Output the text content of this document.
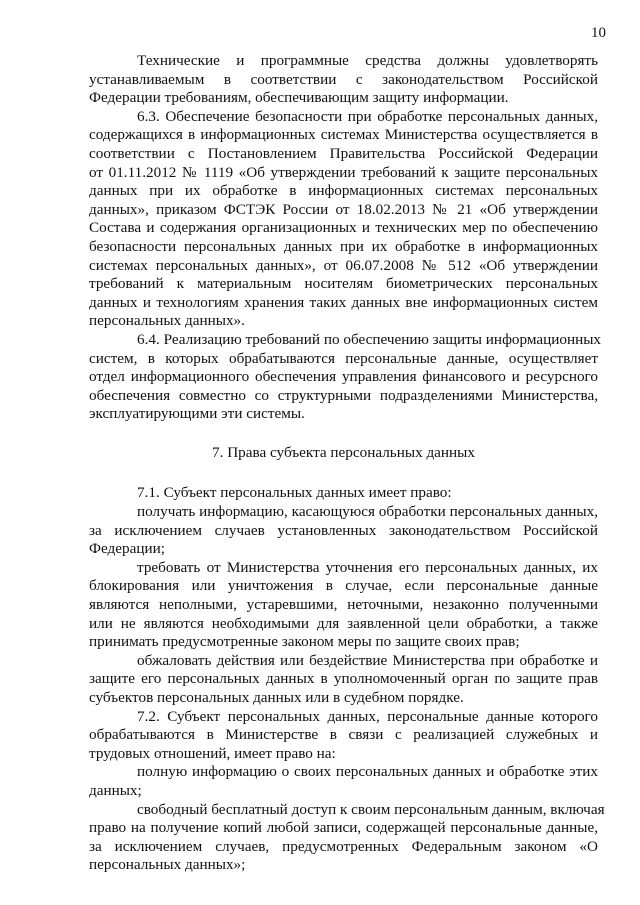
10

Технические и программные средства должны удовлетворять
устанавливаемым в соответствии с законодательством Российской
Федерации требованиям, обеспечивающим защиту информации.

6.3. Обеспечение безопасности при обработке персональных данных,
содержащихся в информационных системах Министерства осуществляется в
соответствии с Постановлением Правительства Российской Федерации
от 01.11.2012 № 1119 «Об утверждении требований к защите персональных
данных при их обработке в информационных системах персональных
данных», приказом ФСТЭК России от 18.02.2013 № 21 «Об утверждении
Состава и содержания организационных и технических мер по обеспечению
безопасности персональных данных при их обработке в информационных
системах персональных данных», от 06.07.2008 № 512 «Об утверждении
требований к материальным носителям биометрических персональных
данных и технологиям хранения таких данных вне информационных систем
персональных данных».

6.4. Реализацию требований по обеспечению защиты информационных
систем, в которых обрабатываются персональные данные, осуществляет
отдел информационного обеспечения управления финансового и ресурсного
обеспечения совместно со структурными подразделениями Министерства,
эксплуатирующими эти системы.

7. Права субъекта персональных данных

7.1. Субъект персональных данных имеет право:

получать информацию, касающуюся обработки персональных данных,
за исключением случаев установленных законодательством Российской
Федерации;

требовать от Министерства уточнения его персональных данных, их
блокирования или уничтожения в случае, если персональные данные
являются неполными, устаревшими, неточными, незаконно полученными
или не являются необходимыми для заявленной цели обработки, а также
принимать предусмотренные законом меры по защите своих прав;

обжаловать действия или бездействие Министерства при обработке и
защите его персональных данных в уполномоченный орган по защите прав
субъектов персональных данных или в судебном порядке.

7.2. Субъект персональных данных, персональные данные которого
обрабатываются в Министерстве в связи с реализацией служебных и
трудовых отношений, имеет право на:

полную информацию о своих персональных данных и обработке этих
данных;

свободный бесплатный доступ к своим персональным данным, включая
право на получение копий любой записи, содержащей персональные данные,
за исключением случаев, предусмотренных Федеральным законом «О
персональных данных»;
